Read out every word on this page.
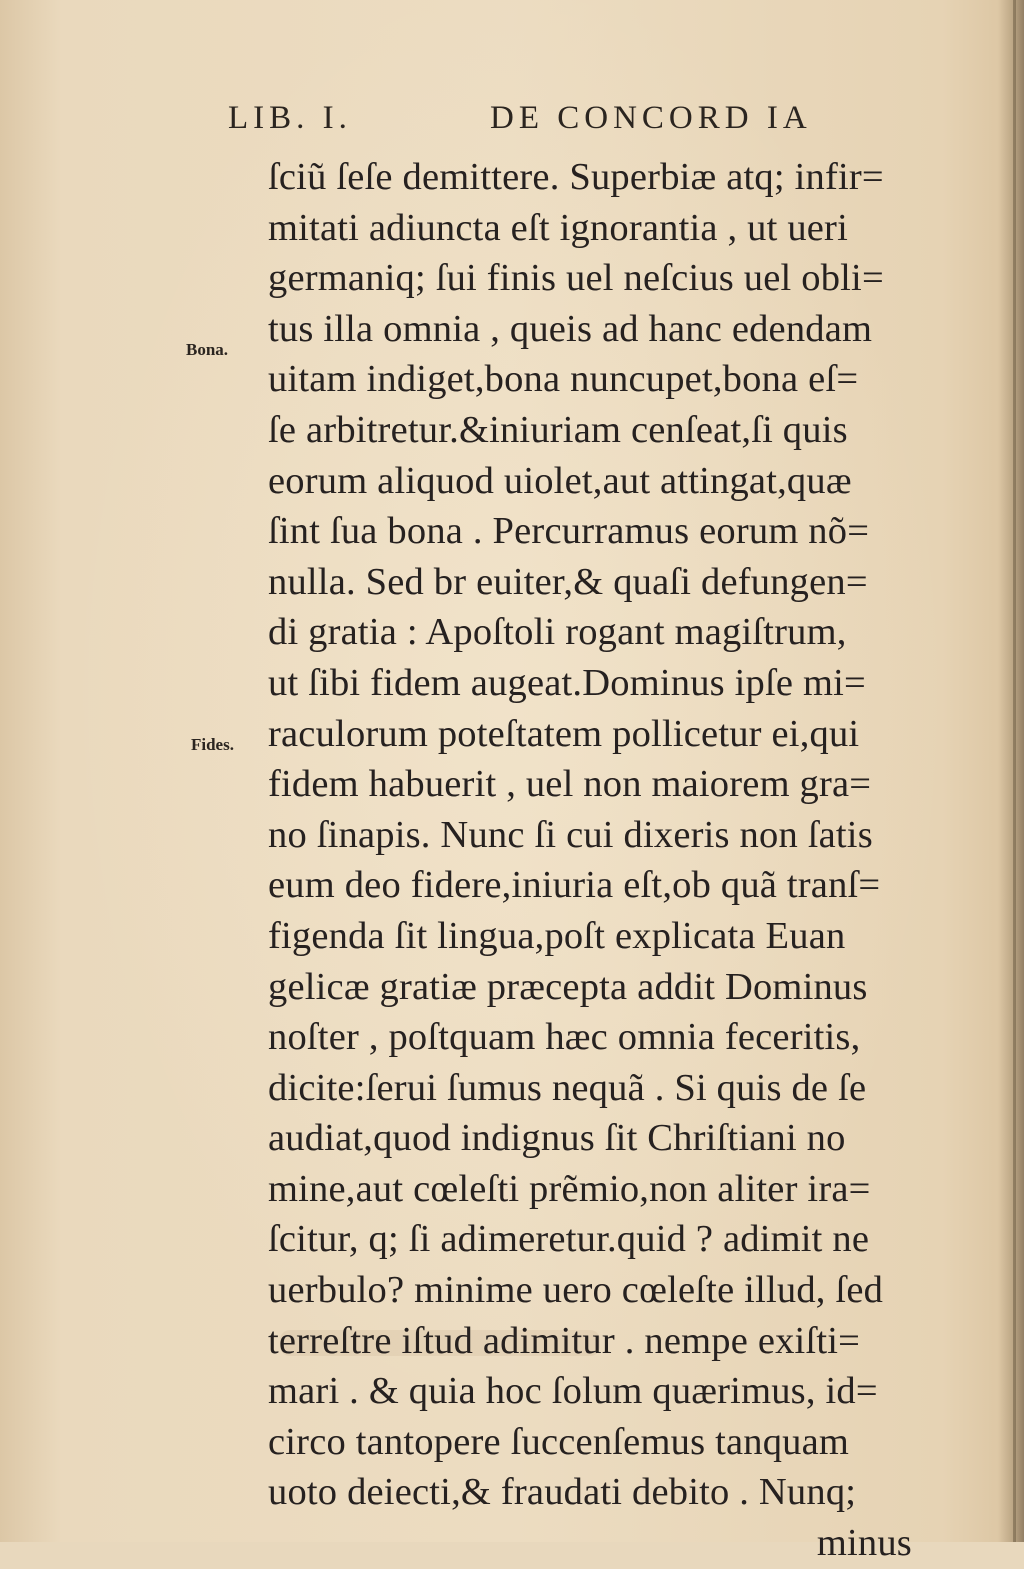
LIB. I.	DE CONCORD IA
Bona.
Fides.
ſciũ ſeſe demittere. Superbiæ atq; infir=
mitati adiuncta eſt ignorantia , ut ueri
germaniq; ſui finis uel neſcius uel obli=
tus illa omnia , queis ad hanc edendam
uitam indiget,bona nuncupet,bona eſ=
ſe arbitretur.&iniuriam cenſeat,ſi quis
eorum aliquod uiolet,aut attingat,quæ
ſint ſua bona . Percurramus eorum nõ=
nulla. Sed br euiter,& quaſi defungen=
di gratia : Apoſtoli rogant magiſtrum,
ut ſibi fidem augeat.Dominus ipſe mi=
raculorum poteſtatem pollicetur ei,qui
fidem habuerit , uel non maiorem gra=
no ſinapis. Nunc ſi cui dixeris non ſatis
eum deo fidere,iniuria eſt,ob quã tranſ=
figenda ſit lingua,poſt explicata Euan
gelicæ gratiæ præcepta addit Dominus
noſter , poſtquam hæc omnia feceritis,
dicite:ſerui ſumus nequã . Si quis de ſe
audiat,quod indignus ſit Chriſtiani no
mine,aut cœleſti prẽmio,non aliter ira=
ſcitur, q; ſi adimeretur.quid ? adimit ne
uerbulo? minime uero cœleſte illud, ſed
terreſtre iſtud adimitur . nempe exiſti=
mari . & quia hoc ſolum quærimus, id=
circo tantopere ſuccenſemus tanquam
uoto deiecti,& fraudati debito . Nunq;
minus
